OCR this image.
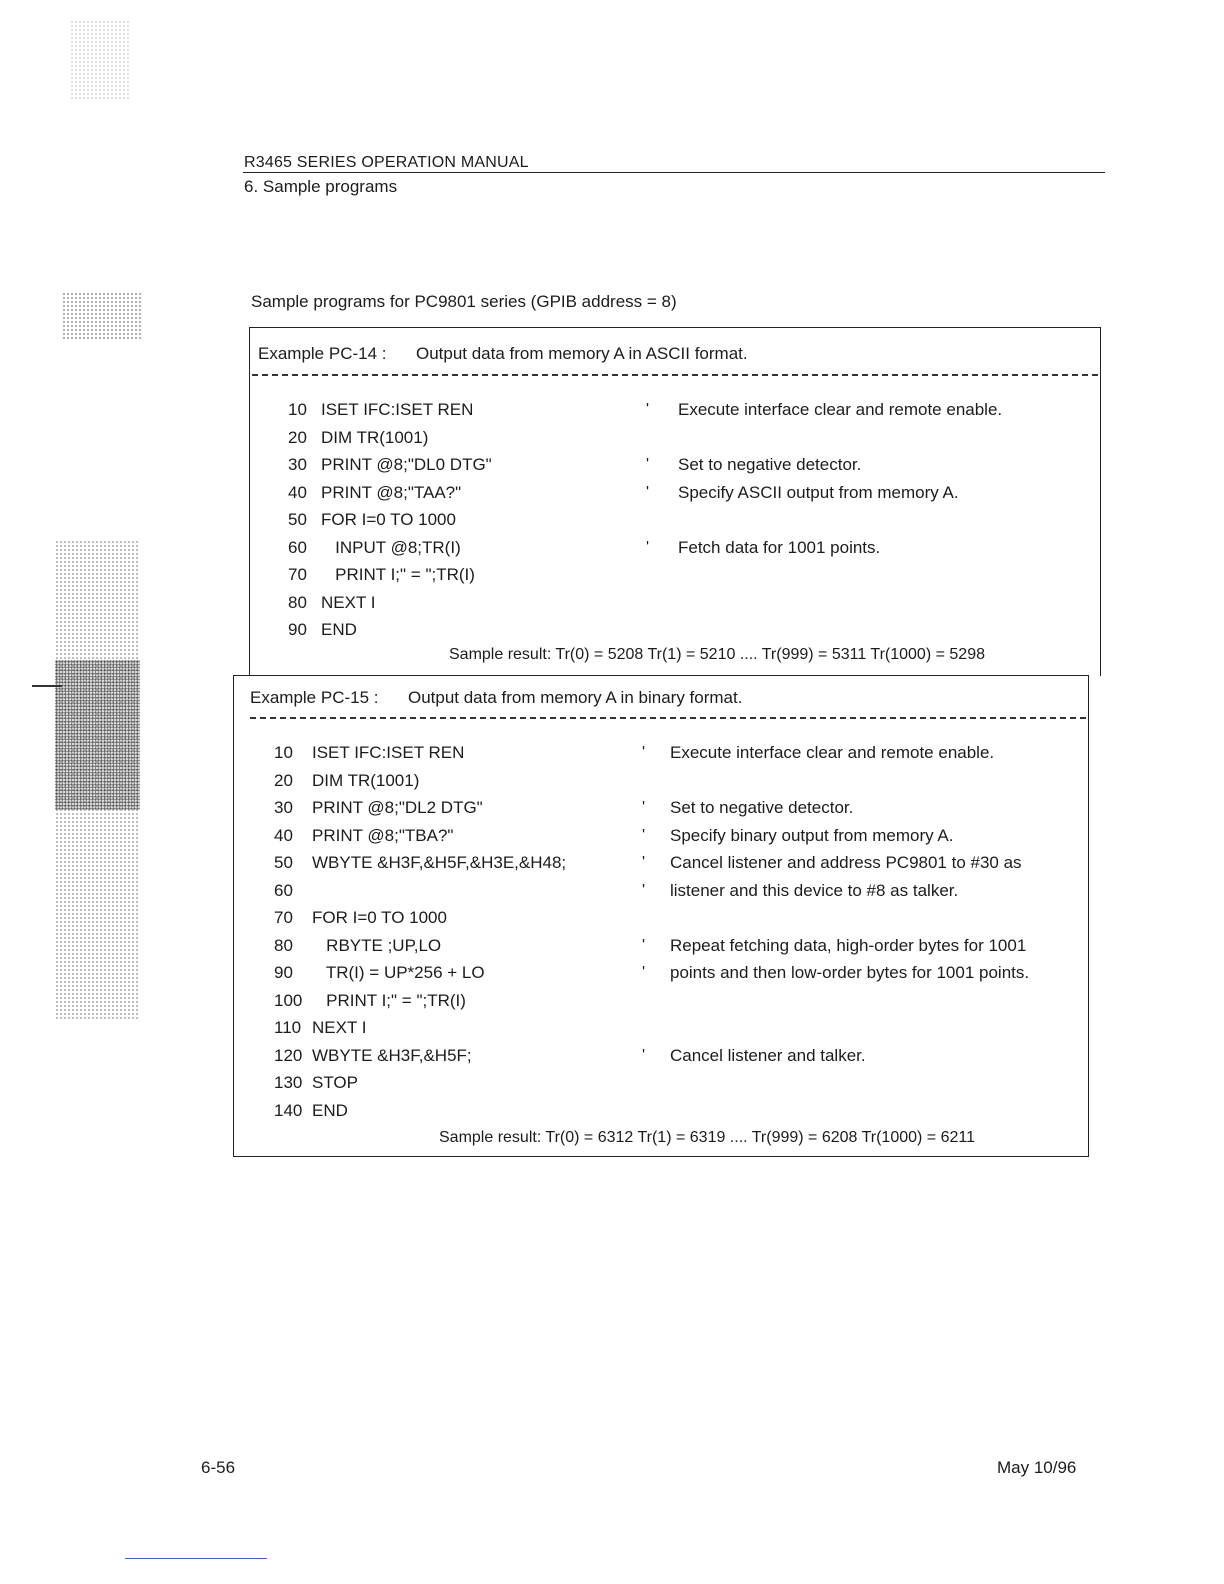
R3465 SERIES OPERATION MANUAL
6. Sample programs
Sample programs for PC9801 series (GPIB address = 8)
Example PC-14 : Output data from memory A in ASCII format.
10 ISET IFC:ISET REN	' Execute interface clear and remote enable.
20 DIM TR(1001)
30 PRINT @8;"DL0 DTG"	' Set to negative detector.
40 PRINT @8;"TAA?"	' Specify ASCII output from memory A.
50 FOR I=0 TO 1000
60 INPUT @8;TR(I)	' Fetch data for 1001 points.
70 PRINT I;" = ";TR(I)
80 NEXT I
90 END
Sample result: Tr(0) = 5208 Tr(1) = 5210 .... Tr(999) = 5311 Tr(1000) = 5298
Example PC-15 : Output data from memory A in binary format.
10 ISET IFC:ISET REN	' Execute interface clear and remote enable.
20 DIM TR(1001)
30 PRINT @8;"DL2 DTG"	' Set to negative detector.
40 PRINT @8;"TBA?"	' Specify binary output from memory A.
50 WBYTE &H3F,&H5F,&H3E,&H48;	' Cancel listener and address PC9801 to #30 as
60	' listener and this device to #8 as talker.
70 FOR I=0 TO 1000
80 RBYTE ;UP,LO	' Repeat fetching data, high-order bytes for 1001
90 TR(I) = UP*256 + LO	' points and then low-order bytes for 1001 points.
100 PRINT I;" = ";TR(I)
110 NEXT I
120 WBYTE &H3F,&H5F;	' Cancel listener and talker.
130 STOP
140 END
Sample result: Tr(0) = 6312 Tr(1) = 6319 .... Tr(999) = 6208 Tr(1000) = 6211
6-56	May 10/96
